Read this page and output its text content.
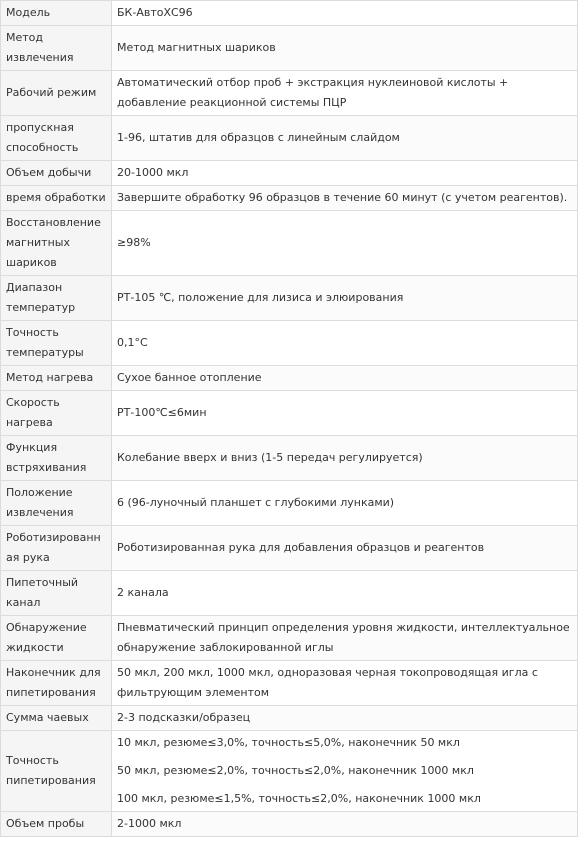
Модель	БК-АвтоХС96
Метод извлечения	Метод магнитных шариков
Рабочий режим	Автоматический отбор проб + экстракция нуклеиновой кислоты + добавление реакционной системы ПЦР
пропускная способность	1-96, штатив для образцов с линейным слайдом
Объем добычи	20-1000 мкл
время обработки	Завершите обработку 96 образцов в течение 60 минут (с учетом реагентов).
Восстановление магнитных шариков	≥98%
Диапазон температур	РТ-105 ℃, положение для лизиса и элюирования
Точность температуры	0,1°C
Метод нагрева	Сухое банное отопление
Скорость нагрева	РТ-100℃≤6мин
Функция встряхивания	Колебание вверх и вниз (1-5 передач регулируется)
Положение извлечения	6 (96-луночный планшет с глубокими лунками)
Роботизированная рука	Роботизированная рука для добавления образцов и реагентов
Пипеточный канал	2 канала
Обнаружение жидкости	Пневматический принцип определения уровня жидкости, интеллектуальное обнаружение заблокированной иглы
Наконечник для пипетирования	50 мкл, 200 мкл, 1000 мкл, одноразовая черная токопроводящая игла с фильтрующим элементом
Сумма чаевых	2-3 подсказки/образец
Точность пипетирования	10 мкл, резюме≤3,0%, точность≤5,0%, наконечник 50 мкл
50 мкл, резюме≤2,0%, точность≤2,0%, наконечник 1000 мкл
100 мкл, резюме≤1,5%, точность≤2,0%, наконечник 1000 мкл

Объем пробы	2-1000 мкл
